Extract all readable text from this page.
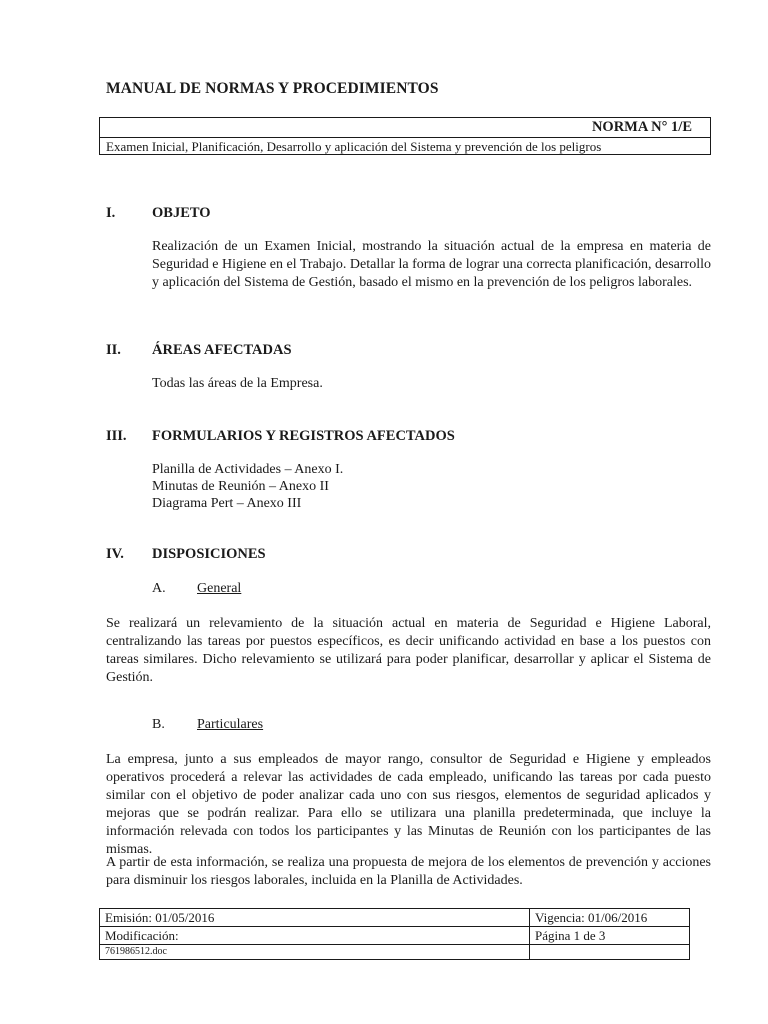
MANUAL DE NORMAS Y PROCEDIMIENTOS
NORMA N° 1/E
Examen Inicial, Planificación, Desarrollo y aplicación del Sistema y prevención de los peligros
I.	OBJETO
Realización de un Examen Inicial, mostrando la situación actual de la empresa en materia de Seguridad e Higiene en el Trabajo. Detallar la forma de lograr una correcta planificación, desarrollo y aplicación del Sistema de Gestión, basado el mismo en la prevención de los peligros laborales.
II. ÁREAS AFECTADAS
Todas las áreas de la Empresa.
III. FORMULARIOS Y REGISTROS AFECTADOS
Planilla de Actividades – Anexo I.
Minutas de Reunión – Anexo II
Diagrama Pert – Anexo III
IV. DISPOSICIONES
A. General
Se realizará un relevamiento de la situación actual en materia de Seguridad e Higiene Laboral, centralizando las tareas por puestos específicos, es decir unificando actividad en base a los puestos con tareas similares. Dicho relevamiento se utilizará para poder planificar, desarrollar y aplicar el Sistema de Gestión.
B. Particulares
La empresa, junto a sus empleados de mayor rango, consultor de Seguridad e Higiene y empleados operativos procederá a relevar las actividades de cada empleado, unificando las tareas por cada puesto similar con el objetivo de poder analizar cada uno con sus riesgos, elementos de seguridad aplicados y mejoras que se podrán realizar. Para ello se utilizara una planilla predeterminada, que incluye la información relevada con todos los participantes y las Minutas de Reunión con los participantes de las mismas.
A partir de esta información, se realiza una propuesta de mejora de los elementos de prevención y acciones para disminuir los riesgos laborales, incluida en la Planilla de Actividades.
Emisión: 01/05/2016	Vigencia: 01/06/2016
Modificación:	Página 1 de 3
761986512.doc	
